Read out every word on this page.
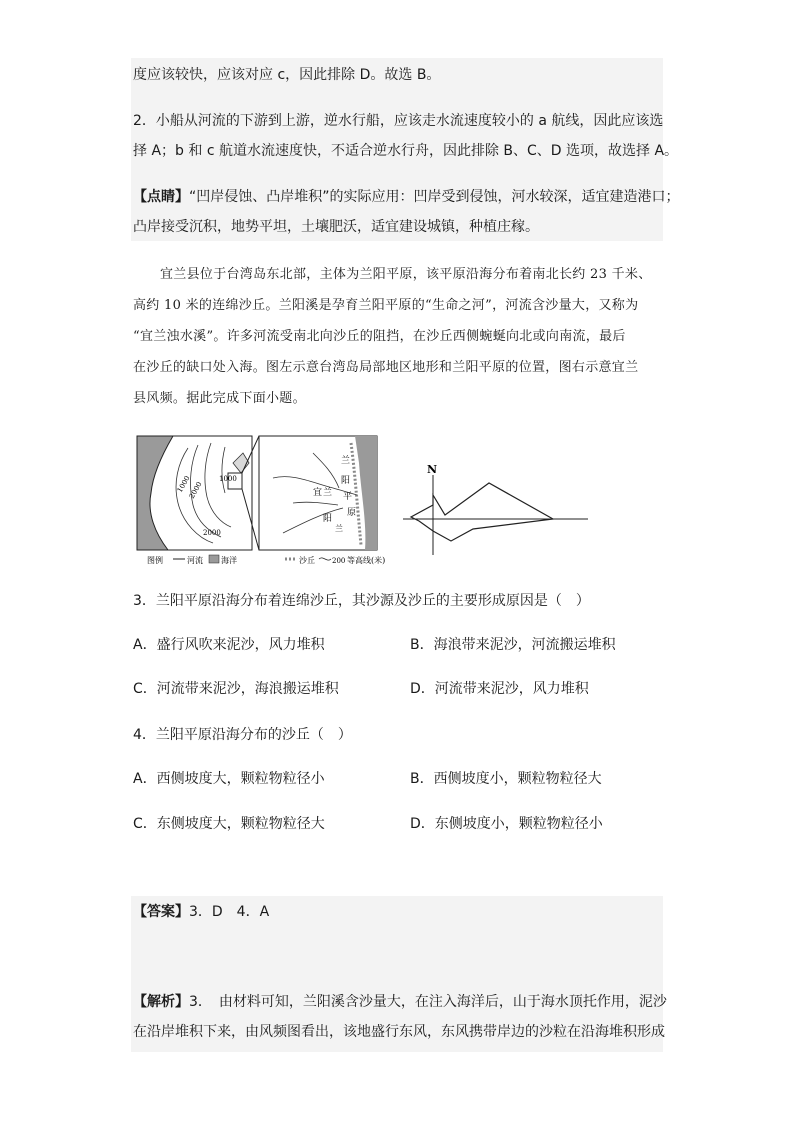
度应该较快，应该对应 c，因此排除 D。故选 B。
2．小船从河流的下游到上游，逆水行船，应该走水流速度较小的 a 航线，因此应该选
择 A；b 和 c 航道水流速度快，不适合逆水行舟，因此排除 B、C、D 选项，故选择 A。
【点睛】“凹岸侵蚀、凸岸堆积”的实际应用：凹岸受到侵蚀，河水较深，适宜建造港口；
凸岸接受沉积，地势平坦，土壤肥沃，适宜建设城镇，种植庄稼。
宜兰县位于台湾岛东北部，主体为兰阳平原，该平原沿海分布着南北长约 23 千米、
高约 10 米的连绵沙丘。兰阳溪是孕育兰阳平原的“生命之河”，河流含沙量大，又称为
“宜兰浊水溪”。许多河流受南北向沙丘的阻挡，在沙丘西侧蜿蜒向北或向南流，最后
在沙丘的缺口处入海。图左示意台湾岛局部地区地形和兰阳平原的位置，图右示意宜兰
县风频。据此完成下面小题。
1000
2000
1000
2000
兰
阳
宜 兰 平
阳
原
兰
N
图例	河流 海洋	沙丘 200 等高线(米)
3．兰阳平原沿海分布着连绵沙丘，其沙源及沙丘的主要形成原因是（　）
A．盛行风吹来泥沙，风力堆积	B．海浪带来泥沙，河流搬运堆积
C．河流带来泥沙，海浪搬运堆积	D．河流带来泥沙，风力堆积
4．兰阳平原沿海分布的沙丘（　）
A．西侧坡度大，颗粒物粒径小	B．西侧坡度小，颗粒物粒径大
C．东侧坡度大，颗粒物粒径大	D．东侧坡度小，颗粒物粒径小
【答案】3．D　4．A
【解析】3．　由材料可知，兰阳溪含沙量大，在注入海洋后，山于海水顶托作用，泥沙
在沿岸堆积下来，由风频图看出，该地盛行东风，东风携带岸边的沙粒在沿海堆积形成
